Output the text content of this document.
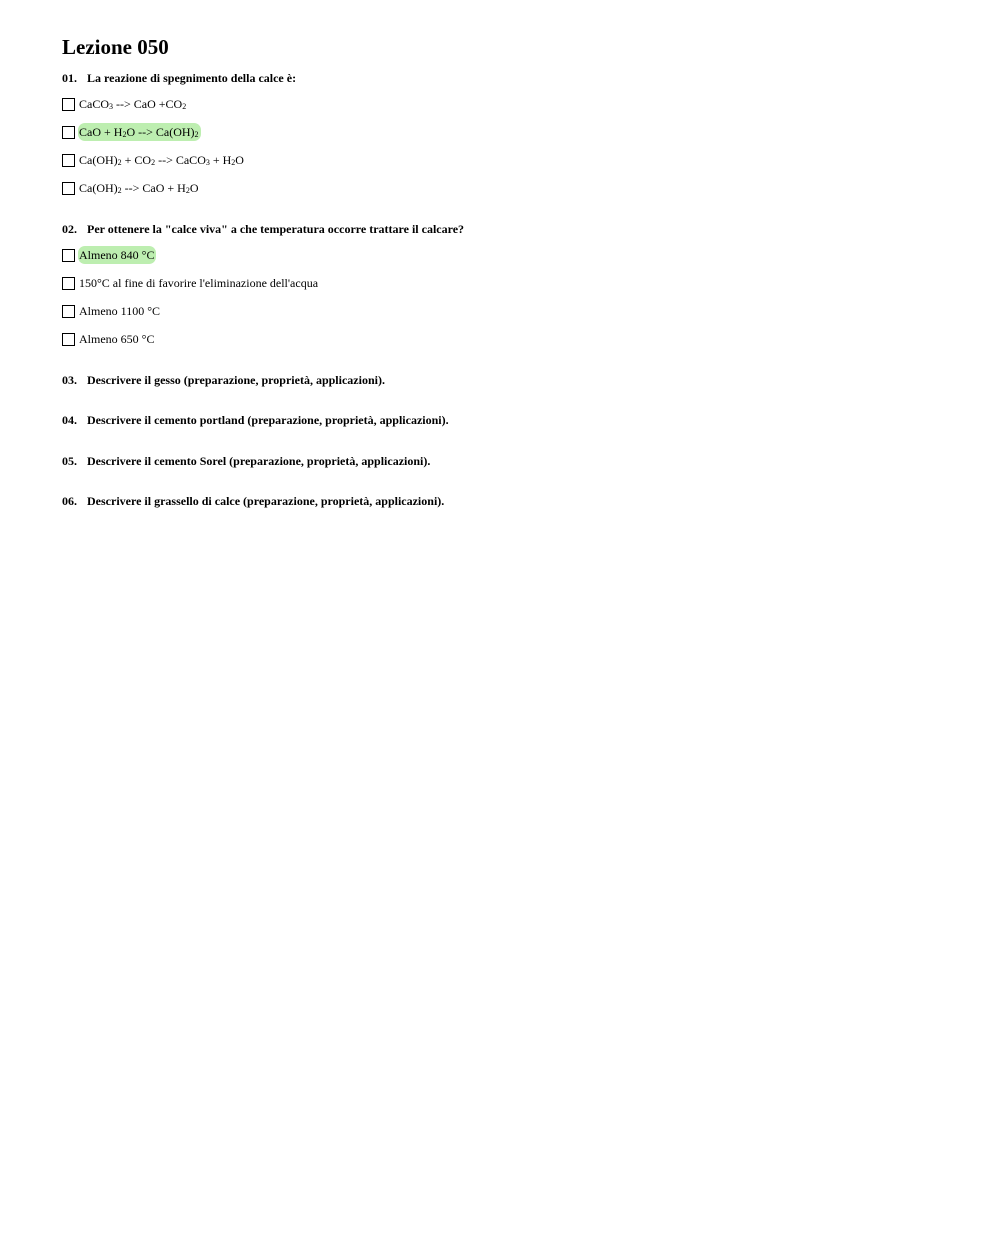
Lezione 050
01. La reazione di spegnimento della calce è:
CaCO$_3$ --> CaO $+CO_2$
CaO + $H_2O$ --> $Ca(OH)_2$
$Ca(OH)_2 + CO_2$ --> CaCO$_3$ + $H_2O$
$Ca(OH)_2$ --> CaO + $H_2O$
02. Per ottenere la "calce viva" a che temperatura occorre trattare il calcare?
Almeno 840 °C
150°C al fine di favorire l'eliminazione dell'acqua
Almeno 1100 °C
Almeno 650 °C
03. Descrivere il gesso (preparazione, proprietà, applicazioni).
04. Descrivere il cemento portland (preparazione, proprietà, applicazioni).
05. Descrivere il cemento Sorel (preparazione, proprietà, applicazioni).
06. Descrivere il grassello di calce (preparazione, proprietà, applicazioni).
